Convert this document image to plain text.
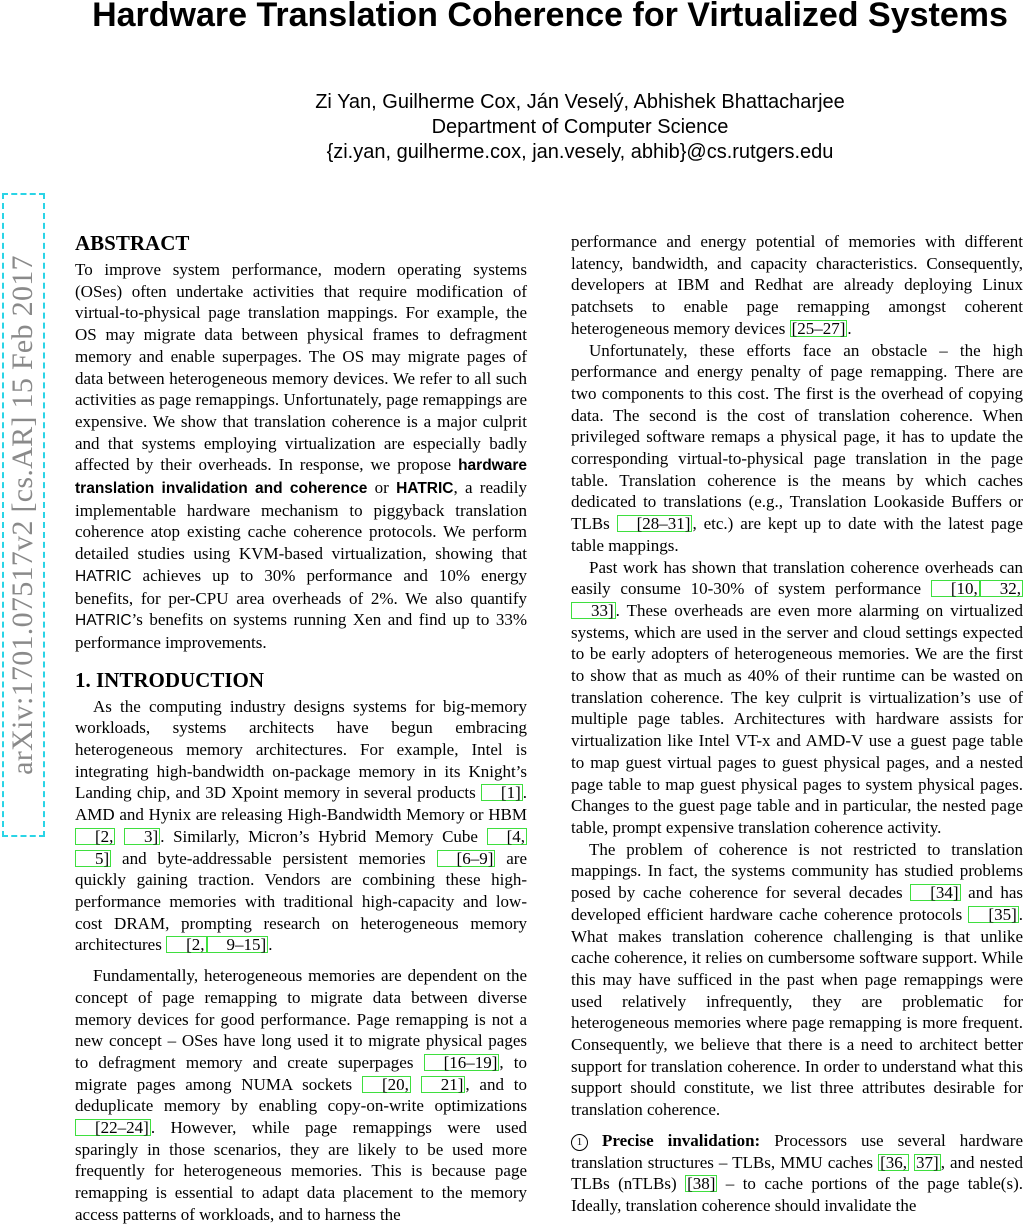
Hardware Translation Coherence for Virtualized Systems
Zi Yan, Guilherme Cox, Ján Veselý, Abhishek Bhattacharjee
Department of Computer Science
{zi.yan, guilherme.cox, jan.vesely, abhib}@cs.rutgers.edu
arXiv:1701.07517v2 [cs.AR] 15 Feb 2017
ABSTRACT

To improve system performance, modern operating systems (OSes) often undertake activities that require modification of virtual-to-physical page translation mappings. For example, the OS may migrate data between physical frames to defragment memory and enable superpages. The OS may migrate pages of data between heterogeneous memory devices. We refer to all such activities as page remappings. Unfortunately, page remappings are expensive. We show that translation coherence is a major culprit and that systems employing virtualization are especially badly affected by their overheads. In response, we propose hardware translation invalidation and coherence or HATRIC, a readily implementable hardware mechanism to piggyback translation coherence atop existing cache coherence protocols. We perform detailed studies using KVM-based virtualization, showing that HATRIC achieves up to 30% performance and 10% energy benefits, for per-CPU area overheads of 2%. We also quantify HATRIC’s benefits on systems running Xen and find up to 33% performance improvements.

1. INTRODUCTION

As the computing industry designs systems for big-memory workloads, systems architects have begun embracing heterogeneous memory architectures. For example, Intel is integrating high-bandwidth on-package memory in its Knight’s Landing chip, and 3D Xpoint memory in several products [1] . AMD and Hynix are releasing High-Bandwidth Memory or HBM [2, 3] . Similarly, Micron’s Hybrid Memory Cube [4,5] and byte-addressable persistent memories [6–9] are quickly gaining traction. Vendors are combining these high-performance memories with traditional high-capacity and low-cost DRAM, prompting research on heterogeneous memory architectures [2, 9–15] .

Fundamentally, heterogeneous memories are dependent on the concept of page remapping to migrate data between diverse memory devices for good performance. Page remapping is not a new concept – OSes have long used it to migrate physical pages to defragment memory and create superpages [16–19] , to migrate pages among NUMA sockets [20, 21] , and to deduplicate memory by enabling copy-on-write optimizations [22–24] . However, while page remappings were used sparingly in those scenarios, they are likely to be used more frequently for heterogeneous memories. This is because page remapping is essential to adapt data placement to the memory access patterns of workloads, and to harness the

performance and energy potential of memories with different latency, bandwidth, and capacity characteristics. Consequently, developers at IBM and Redhat are already deploying Linux patchsets to enable page remapping amongst coherent heterogeneous memory devices [25–27] .

Unfortunately, these efforts face an obstacle – the high performance and energy penalty of page remapping. There are two components to this cost. The first is the overhead of copying data. The second is the cost of translation coherence. When privileged software remaps a physical page, it has to update the corresponding virtual-to-physical page translation in the page table. Translation coherence is the means by which caches dedicated to translations (e.g., Translation Lookaside Buffers or TLBs [28–31] , etc.) are kept up to date with the latest page table mappings.

Past work has shown that translation coherence overheads can easily consume 10-30% of system performance [10, 32, 33] . These overheads are even more alarming on virtualized systems, which are used in the server and cloud settings expected to be early adopters of heterogeneous memories. We are the first to show that as much as 40% of their runtime can be wasted on translation coherence. The key culprit is virtualization’s use of multiple page tables. Architectures with hardware assists for virtualization like Intel VT-x and AMD-V use a guest page table to map guest virtual pages to guest physical pages, and a nested page table to map guest physical pages to system physical pages. Changes to the guest page table and in particular, the nested page table, prompt expensive translation coherence activity.

The problem of coherence is not restricted to translation mappings. In fact, the systems community has studied problems posed by cache coherence for several decades [34] and has developed efficient hardware cache coherence protocols [35] . What makes translation coherence challenging is that unlike cache coherence, it relies on cumbersome software support. While this may have sufficed in the past when page remappings were used relatively infrequently, they are problematic for heterogeneous memories where page remapping is more frequent. Consequently, we believe that there is a need to architect better support for translation coherence. In order to understand what this support should constitute, we list three attributes desirable for translation coherence.

1 Precise invalidation: Processors use several hardware translation structures – TLBs, MMU caches [36, 37] , and nested TLBs (nTLBs) [38] – to cache portions of the page table(s). Ideally, translation coherence should invalidate the
